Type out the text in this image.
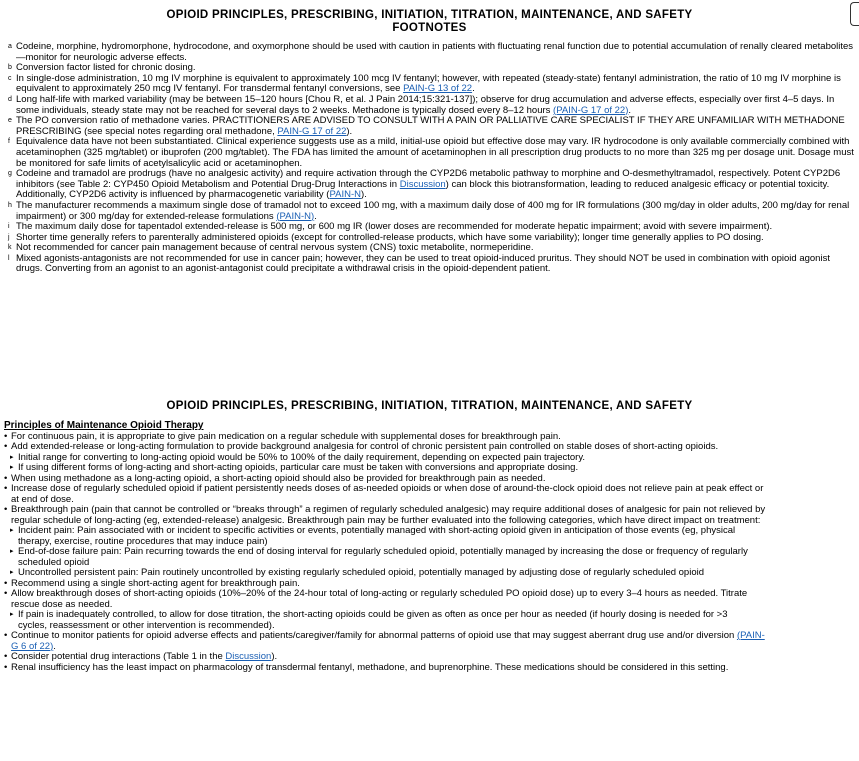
OPIOID PRINCIPLES, PRESCRIBING, INITIATION, TITRATION, MAINTENANCE, AND SAFETY
FOOTNOTES
a Codeine, morphine, hydromorphone, hydrocodone, and oxymorphone should be used with caution in patients with fluctuating renal function due to potential accumulation of renally cleared metabolites—monitor for neurologic adverse effects.
b Conversion factor listed for chronic dosing.
c In single-dose administration, 10 mg IV morphine is equivalent to approximately 100 mcg IV fentanyl; however, with repeated (steady-state) fentanyl administration, the ratio of 10 mg IV morphine is equivalent to approximately 250 mcg IV fentanyl. For transdermal fentanyl conversions, see PAIN-G 13 of 22.
d Long half-life with marked variability (may be between 15–120 hours [Chou R, et al. J Pain 2014;15:321-137]); observe for drug accumulation and adverse effects, especially over first 4–5 days. In some individuals, steady state may not be reached for several days to 2 weeks. Methadone is typically dosed every 8–12 hours (PAIN-G 17 of 22).
e The PO conversion ratio of methadone varies. PRACTITIONERS ARE ADVISED TO CONSULT WITH A PAIN OR PALLIATIVE CARE SPECIALIST IF THEY ARE UNFAMILIAR WITH METHADONE PRESCRIBING (see special notes regarding oral methadone, PAIN-G 17 of 22).
f Equivalence data have not been substantiated. Clinical experience suggests use as a mild, initial-use opioid but effective dose may vary. IR hydrocodone is only available commercially combined with acetaminophen (325 mg/tablet) or ibuprofen (200 mg/tablet). The FDA has limited the amount of acetaminophen in all prescription drug products to no more than 325 mg per dosage unit. Dosage must be monitored for safe limits of acetylsalicylic acid or acetaminophen.
g Codeine and tramadol are prodrugs (have no analgesic activity) and require activation through the CYP2D6 metabolic pathway to morphine and O-desmethyltramadol, respectively. Potent CYP2D6 inhibitors (see Table 2: CYP450 Opioid Metabolism and Potential Drug-Drug Interactions in Discussion) can block this biotransformation, leading to reduced analgesic efficacy or potential toxicity. Additionally, CYP2D6 activity is influenced by pharmacogenetic variability (PAIN-N).
h The manufacturer recommends a maximum single dose of tramadol not to exceed 100 mg, with a maximum daily dose of 400 mg for IR formulations (300 mg/day in older adults, 200 mg/day for renal impairment) or 300 mg/day for extended-release formulations (PAIN-N).
i The maximum daily dose for tapentadol extended-release is 500 mg, or 600 mg IR (lower doses are recommended for moderate hepatic impairment; avoid with severe impairment).
j Shorter time generally refers to parenterally administered opioids (except for controlled-release products, which have some variability); longer time generally applies to PO dosing.
k Not recommended for cancer pain management because of central nervous system (CNS) toxic metabolite, normeperidine.
l Mixed agonists-antagonists are not recommended for use in cancer pain; however, they can be used to treat opioid-induced pruritus. They should NOT be used in combination with opioid agonist drugs. Converting from an agonist to an agonist-antagonist could precipitate a withdrawal crisis in the opioid-dependent patient.
OPIOID PRINCIPLES, PRESCRIBING, INITIATION, TITRATION, MAINTENANCE, AND SAFETY
Principles of Maintenance Opioid Therapy
• For continuous pain, it is appropriate to give pain medication on a regular schedule with supplemental doses for breakthrough pain.
• Add extended-release or long-acting formulation to provide background analgesia for control of chronic persistent pain controlled on stable doses of short-acting opioids.
▸ Initial range for converting to long-acting opioid would be 50% to 100% of the daily requirement, depending on expected pain trajectory.
▸ If using different forms of long-acting and short-acting opioids, particular care must be taken with conversions and appropriate dosing.
• When using methadone as a long-acting opioid, a short-acting opioid should also be provided for breakthrough pain as needed.
• Increase dose of regularly scheduled opioid if patient persistently needs doses of as-needed opioids or when dose of around-the-clock opioid does not relieve pain at peak effect or at end of dose.
• Breakthrough pain (pain that cannot be controlled or “breaks through” a regimen of regularly scheduled analgesic) may require additional doses of analgesic for pain not relieved by regular schedule of long-acting (eg, extended-release) analgesic. Breakthrough pain may be further evaluated into the following categories, which have direct impact on treatment:
▸ Incident pain: Pain associated with or incident to specific activities or events, potentially managed with short-acting opioid given in anticipation of those events (eg, physical therapy, exercise, routine procedures that may induce pain)
▸ End-of-dose failure pain: Pain recurring towards the end of dosing interval for regularly scheduled opioid, potentially managed by increasing the dose or frequency of regularly scheduled opioid
▸ Uncontrolled persistent pain: Pain routinely uncontrolled by existing regularly scheduled opioid, potentially managed by adjusting dose of regularly scheduled opioid
• Recommend using a single short-acting agent for breakthrough pain.
• Allow breakthrough doses of short-acting opioids (10%–20% of the 24-hour total of long-acting or regularly scheduled PO opioid dose) up to every 3–4 hours as needed. Titrate rescue dose as needed.
▸ If pain is inadequately controlled, to allow for dose titration, the short-acting opioids could be given as often as once per hour as needed (if hourly dosing is needed for >3 cycles, reassessment or other intervention is recommended).
• Continue to monitor patients for opioid adverse effects and patients/caregiver/family for abnormal patterns of opioid use that may suggest aberrant drug use and/or diversion (PAIN-G 6 of 22).
• Consider potential drug interactions (Table 1 in the Discussion).
• Renal insufficiency has the least impact on pharmacology of transdermal fentanyl, methadone, and buprenorphine. These medications should be considered in this setting.
